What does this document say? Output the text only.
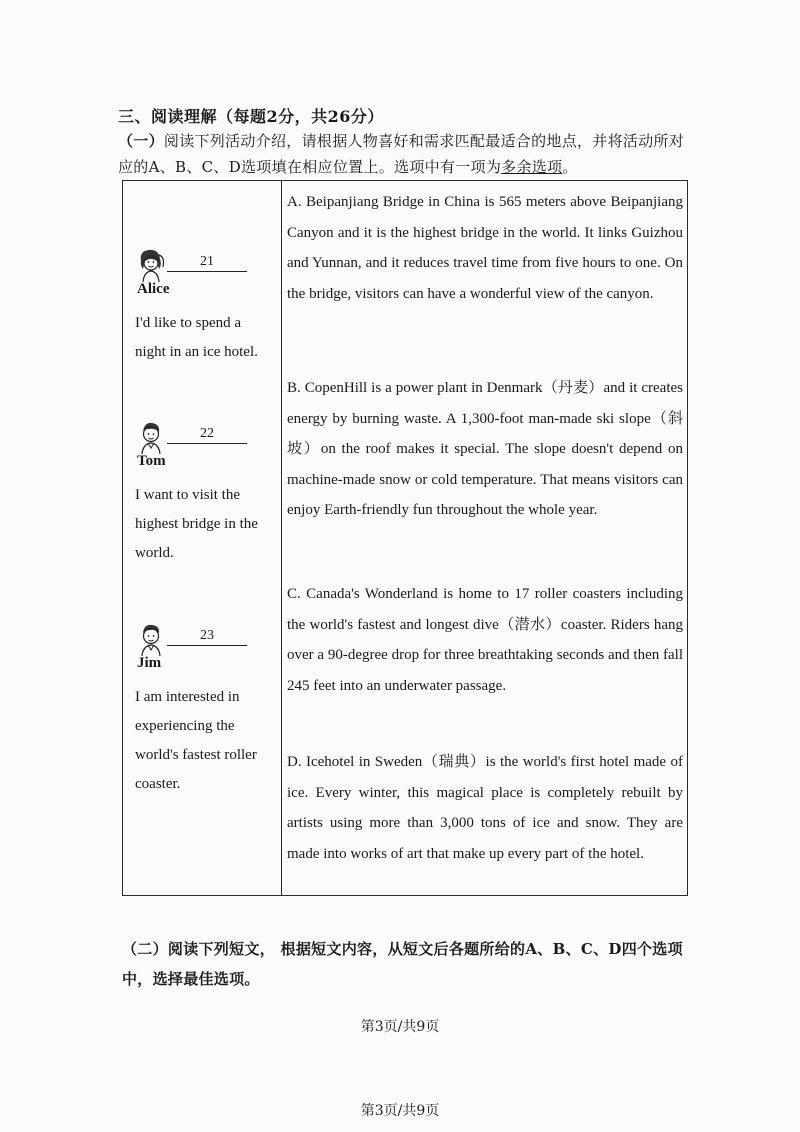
三、阅读理解（每题2分，共26分）
（一）阅读下列活动介绍，请根据人物喜好和需求匹配最适合的地点，并将活动所对应的A、B、C、D选项填在相应位置上。选项中有一项为多余选项。
21
Alice
I'd like to spend a night in an ice hotel.
22
Tom
I want to visit the highest bridge in the world.
23
Jim
I am interested in experiencing the world's fastest roller coaster.
A. Beipanjiang Bridge in China is 565 meters above Beipanjiang Canyon and it is the highest bridge in the world. It links Guizhou and Yunnan, and it reduces travel time from five hours to one. On the bridge, visitors can have a wonderful view of the canyon.
B. CopenHill is a power plant in Denmark（丹麦）and it creates energy by burning waste. A 1,300-foot man-made ski slope（斜坡）on the roof makes it special. The slope doesn't depend on machine-made snow or cold temperature. That means visitors can enjoy Earth-friendly fun throughout the whole year.
C. Canada's Wonderland is home to 17 roller coasters including the world's fastest and longest dive（潜水）coaster. Riders hang over a 90-degree drop for three breathtaking seconds and then fall 245 feet into an underwater passage.
D. Icehotel in Sweden（瑞典）is the world's first hotel made of ice. Every winter, this magical place is completely rebuilt by artists using more than 3,000 tons of ice and snow. They are made into works of art that make up every part of the hotel.
（二）阅读下列短文， 根据短文内容，从短文后各题所给的A、B、C、D四个选项中，选择最佳选项。
第3页/共9页
第3页/共9页
